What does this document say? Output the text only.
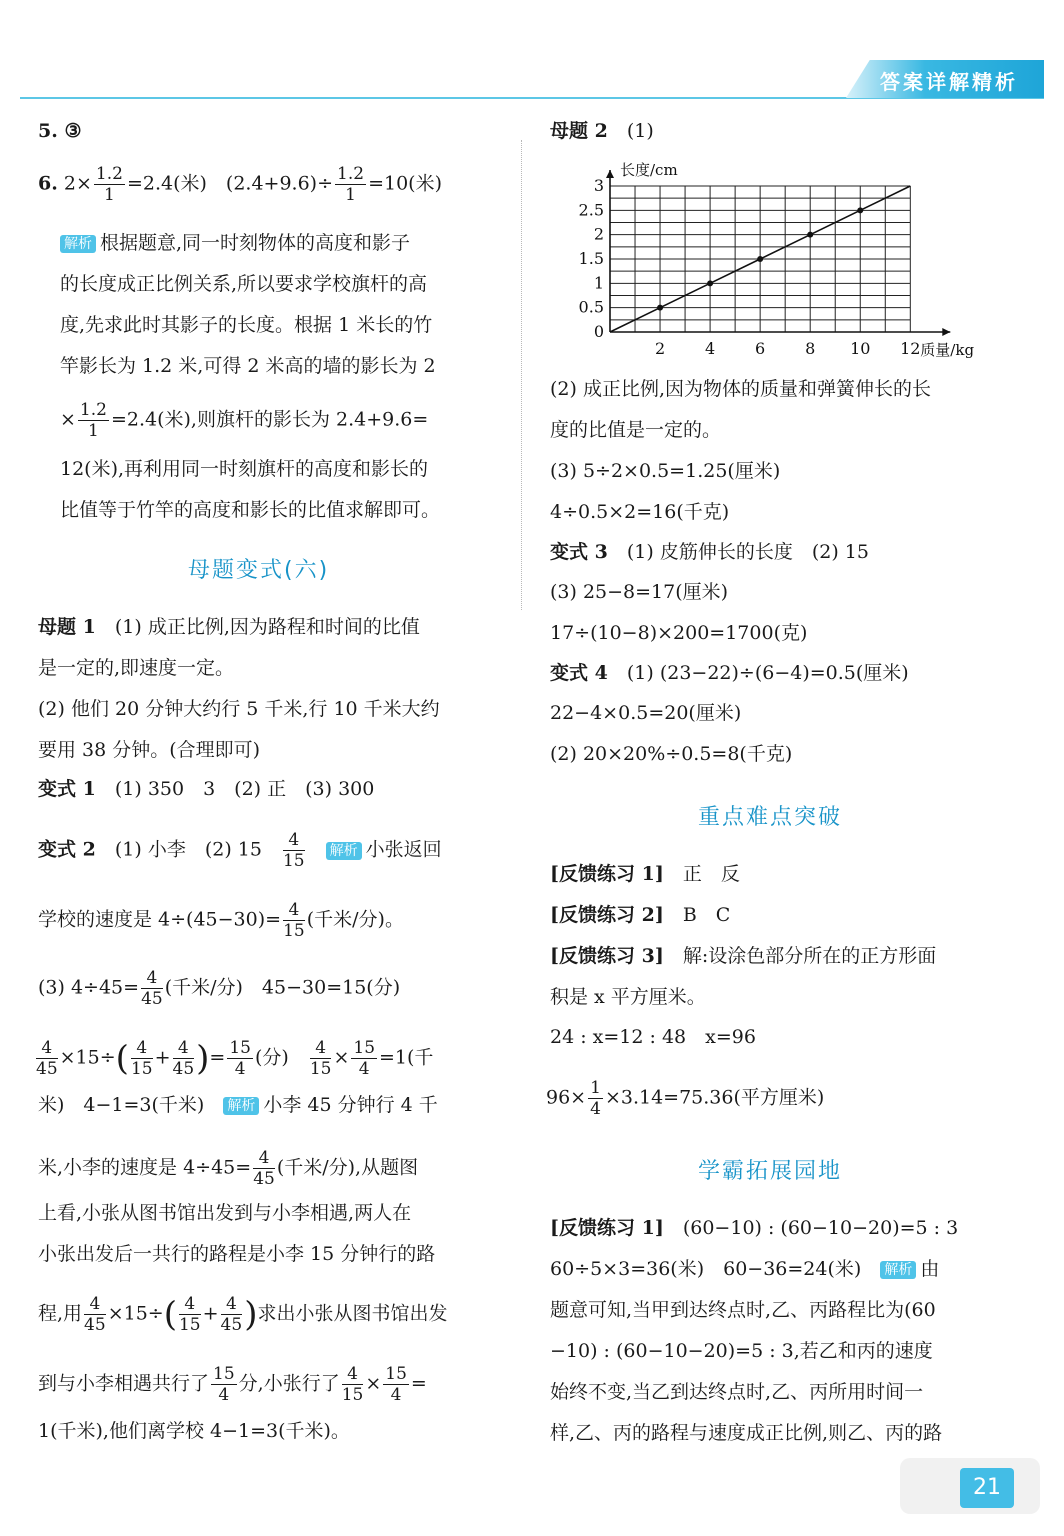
答案详解精析
5. ③
6. $2\times \frac{1.2}{1} =2.4$(米)　$(2.4+9.6)\div \frac{1.2}{1} =10$(米)
解析 根据题意,同一时刻物体的高度和影子
的长度成正比例关系,所以要求学校旗杆的高
度,先求此时其影子的长度。根据 1 米长的竹
竿影长为 1.2 米,可得 2 米高的墙的影长为 2
× $\frac{1.2}{1} =2.4$(米),则旗杆的影长为 2.4+9.6=
12(米),再利用同一时刻旗杆的高度和影长的
比值等于竹竿的高度和影长的比值求解即可。
母题变式(六)
母题 1　 (1) 成正比例,因为路程和时间的比值
是一定的,即速度一定。
(2) 他们 20 分钟大约行 5 千米,行 10 千米大约
要用 38 分钟。(合理即可)
变式 1　 (1) 350　3　(2) 正　(3) 300
变式 2　 (1) 小李　(2) 15　 $\frac{4}{15}$
　 解析 小张返回
学校的速度是 $4\div(45-30)= \frac{4}{15}$ (千米/分)。
(3) $4\div 45= \frac{4}{45}$ (千米/分)　45−30=15(分)
$\frac{4}{45} \times 15\div( \frac{4}{15} + \frac{4}{45}$ )= $\frac{15}{4}$ (分)　 $\frac{4}{15} \times \frac{15}{4} =1$(千
米)　4−1=3(千米)　 解析 小李 45 分钟行 4 千
米,小李的速度是 $4\div 45= \frac{4}{45}$ (千米/分),从题图
上看,小张从图书馆出发到与小李相遇,两人在
小张出发后一共行的路程是小李 15 分钟行的路
程,用 $\frac{4}{45} \times 15\div( \frac{4}{15} + \frac{4}{45}$ )求出小张从图书馆出发
到与小李相遇共行了 $\frac{15}{4}$ 分,小张行了 $\frac{4}{15} \times \frac{15}{4}$ =
1(千米),他们离学校 4−1=3(千米)。
母题 2　 (1)
2 4 6 8 10 12
0
0.5
1
1.5
2
2.5
3
长度/cm
质量/kg
(2) 成正比例,因为物体的质量和弹簧伸长的长
度的比值是一定的。
(3) 5÷2×0.5=1.25(厘米)
4÷0.5×2=16(千克)
变式 3　 (1) 皮筋伸长的长度　(2) 15
(3) 25−8=17(厘米)
17÷(10−8)×200=1700(克)
变式 4　 (1) (23−22)÷(6−4)=0.5(厘米)
22−4×0.5=20(厘米)
(2) 20×20%÷0.5=8(千克)
重点难点突破
[反馈练习 1]　 正　反
[反馈练习 2]　 B　C
[反馈练习 3]　 解:设涂色部分所在的正方形面
积是 x 平方厘米。
24 : x=12 : 48　x=96
$96\times \frac{1}{4} \times 3.14=75.36$(平方厘米)
学霸拓展园地
[反馈练习 1]　 (60−10) : (60−10−20)=5 : 3
60÷5×3=36(米)　60−36=24(米)　 解析 由
题意可知,当甲到达终点时,乙、丙路程比为(60
−10) : (60−10−20)=5 : 3,若乙和丙的速度
始终不变,当乙到达终点时,乙、丙所用时间一
样,乙、丙的路程与速度成正比例,则乙、丙的路
21
